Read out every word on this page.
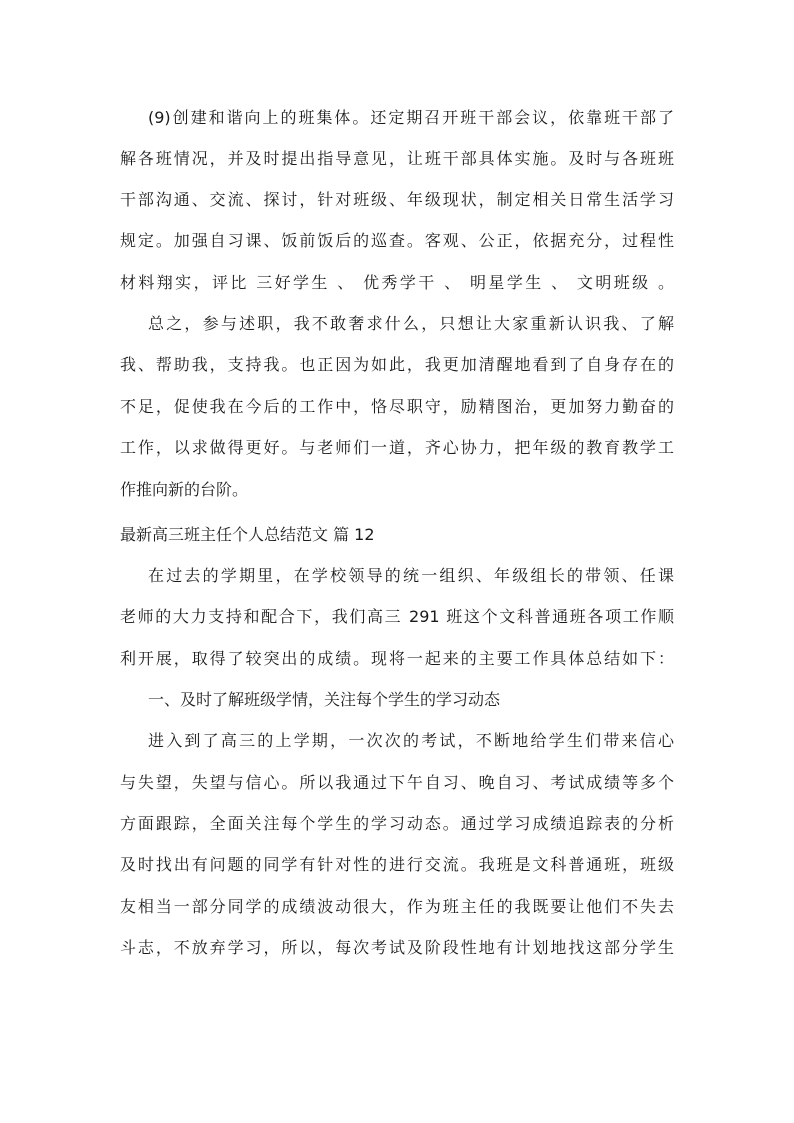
(9)创建和谐向上的班集体。还定期召开班干部会议，依靠班干部了
解各班情况，并及时提出指导意见，让班干部具体实施。及时与各班班
干部沟通、交流、探讨，针对班级、年级现状，制定相关日常生活学习
规定。加强自习课、饭前饭后的巡查。客观、公正，依据充分，过程性
材料翔实，评比 三好学生 、 优秀学干 、 明星学生 、 文明班级 。
总之，参与述职，我不敢奢求什么，只想让大家重新认识我、了解
我、帮助我，支持我。也正因为如此，我更加清醒地看到了自身存在的
不足，促使我在今后的工作中，恪尽职守，励精图治，更加努力勤奋的
工作，以求做得更好。与老师们一道，齐心协力，把年级的教育教学工
作推向新的台阶。
最新高三班主任个人总结范文 篇 12
在过去的学期里，在学校领导的统一组织、年级组长的带领、任课
老师的大力支持和配合下，我们高三 291 班这个文科普通班各项工作顺
利开展，取得了较突出的成绩。现将一起来的主要工作具体总结如下：
一、及时了解班级学情，关注每个学生的学习动态
进入到了高三的上学期，一次次的考试，不断地给学生们带来信心
与失望，失望与信心。所以我通过下午自习、晚自习、考试成绩等多个
方面跟踪，全面关注每个学生的学习动态。通过学习成绩追踪表的分析
及时找出有问题的同学有针对性的进行交流。我班是文科普通班，班级
友相当一部分同学的成绩波动很大，作为班主任的我既要让他们不失去
斗志，不放弃学习，所以，每次考试及阶段性地有计划地找这部分学生
